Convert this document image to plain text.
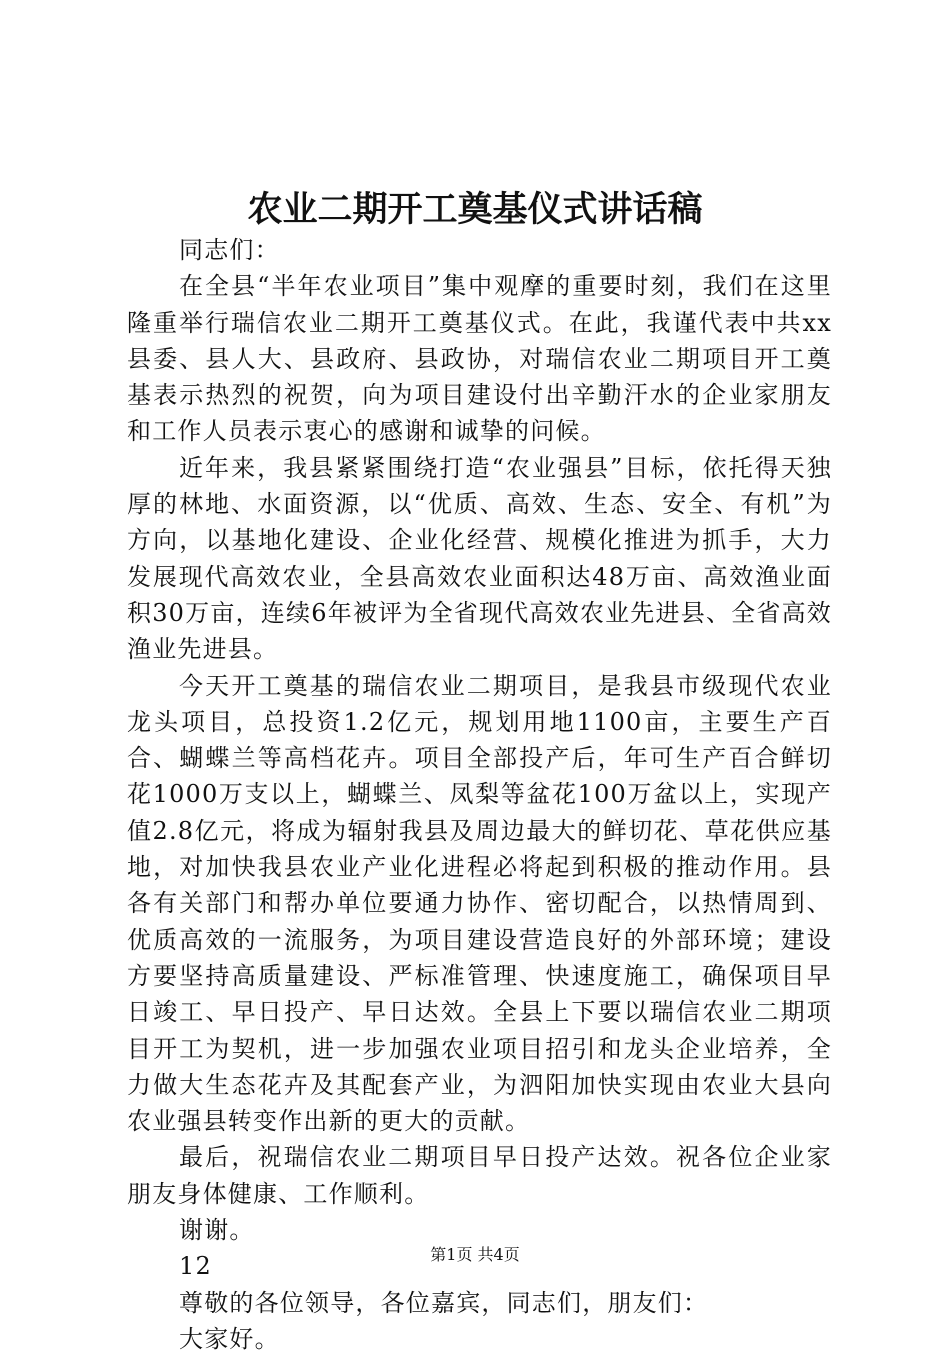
农业二期开工奠基仪式讲话稿

同志们：

在全县“半年农业项目”集中观摩的重要时刻，我们在这里隆重举行瑞信农业二期开工奠基仪式。在此，我谨代表中共xx县委、县人大、县政府、县政协，对瑞信农业二期项目开工奠基表示热烈的祝贺，向为项目建设付出辛勤汗水的企业家朋友和工作人员表示衷心的感谢和诚挚的问候。

近年来，我县紧紧围绕打造“农业强县”目标，依托得天独厚的林地、水面资源，以“优质、高效、生态、安全、有机”为方向，以基地化建设、企业化经营、规模化推进为抓手，大力发展现代高效农业，全县高效农业面积达48万亩、高效渔业面积30万亩，连续6年被评为全省现代高效农业先进县、全省高效渔业先进县。

今天开工奠基的瑞信农业二期项目，是我县市级现代农业龙头项目，总投资1.2亿元，规划用地1100亩，主要生产百合、蝴蝶兰等高档花卉。项目全部投产后，年可生产百合鲜切花1000万支以上，蝴蝶兰、凤梨等盆花100万盆以上，实现产值2.8亿元，将成为辐射我县及周边最大的鲜切花、草花供应基地，对加快我县农业产业化进程必将起到积极的推动作用。县各有关部门和帮办单位要通力协作、密切配合，以热情周到、优质高效的一流服务，为项目建设营造良好的外部环境；建设方要坚持高质量建设、严标准管理、快速度施工，确保项目早日竣工、早日投产、早日达效。全县上下要以瑞信农业二期项目开工为契机，进一步加强农业项目招引和龙头企业培养，全力做大生态花卉及其配套产业，为泗阳加快实现由农业大县向农业强县转变作出新的更大的贡献。

最后，祝瑞信农业二期项目早日投产达效。祝各位企业家朋友身体健康、工作顺利。

谢谢。

12

尊敬的各位领导，各位嘉宾，同志们，朋友们：

大家好。

第1页 共4页
